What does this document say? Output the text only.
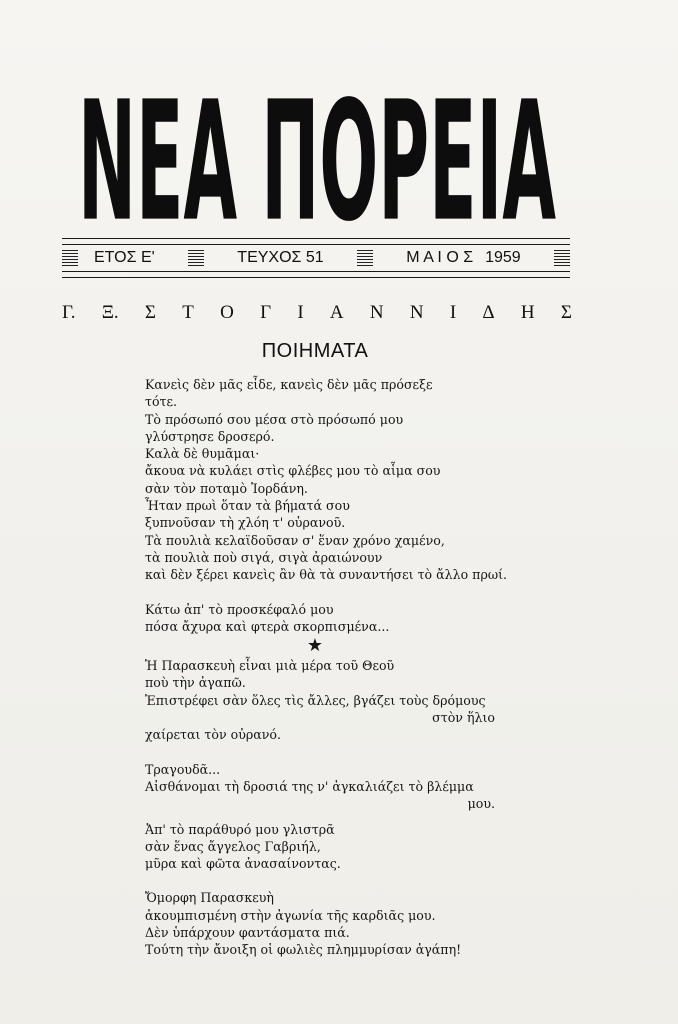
ΝΕΑ ΠΟΡΕΙΑ
ΕΤΟΣ Ε'	ΤΕΥΧΟΣ 51	Μ Α Ι Ο Σ 1959
Γ. Ξ. Σ Τ Ο Γ Ι Α Ν Ν Ι Δ Η Σ
ΠΟΙΗΜΑΤΑ
Κανεὶς δὲν μᾶς εἶδε, κανεὶς δὲν μᾶς πρόσεξε
τότε.
Τὸ πρόσωπό σου μέσα στὸ πρόσωπό μου
γλύστρησε δροσερό.
Καλὰ δὲ θυμᾶμαι·
ἄκουα νὰ κυλάει στὶς φλέβες μου τὸ αἷμα σου
σὰν τὸν ποταμὸ Ἰορδάνη.
Ἦταν πρωὶ ὅταν τὰ βήματά σου
ξυπνοῦσαν τὴ χλόη τ' οὐρανοῦ.
Τὰ πουλιὰ κελαϊδοῦσαν σ' ἕναν χρόνο χαμένο,
τὰ πουλιὰ ποὺ σιγά, σιγὰ ἀραιώνουν
καὶ δὲν ξέρει κανεὶς ἂν θὰ τὰ συναντήσει τὸ ἄλλο πρωί.
Κάτω ἀπ' τὸ προσκέφαλό μου
πόσα ἄχυρα καὶ φτερὰ σκορπισμένα...
★
Ἡ Παρασκευὴ εἶναι μιὰ μέρα τοῦ Θεοῦ
ποὺ τὴν ἀγαπῶ.
Ἐπιστρέφει σὰν ὅλες τὶς ἄλλες, βγάζει τοὺς δρόμους
στὸν ἥλιο
χαίρεται τὸν οὐρανό.
Τραγουδᾶ...
Αἰσθάνομαι τὴ δροσιά της ν' ἀγκαλιάζει τὸ βλέμμα
μου.
Ἀπ' τὸ παράθυρό μου γλιστρᾶ
σὰν ἕνας ἄγγελος Γαβριήλ,
μῦρα καὶ φῶτα ἀνασαίνοντας.
Ὄμορφη Παρασκευὴ
ἀκουμπισμένη στὴν ἀγωνία τῆς καρδιᾶς μου.
Δὲν ὑπάρχουν φαντάσματα πιά.
Τούτη τὴν ἄνοιξη οἱ φωλιὲς πλημμυρίσαν ἀγάπη!
